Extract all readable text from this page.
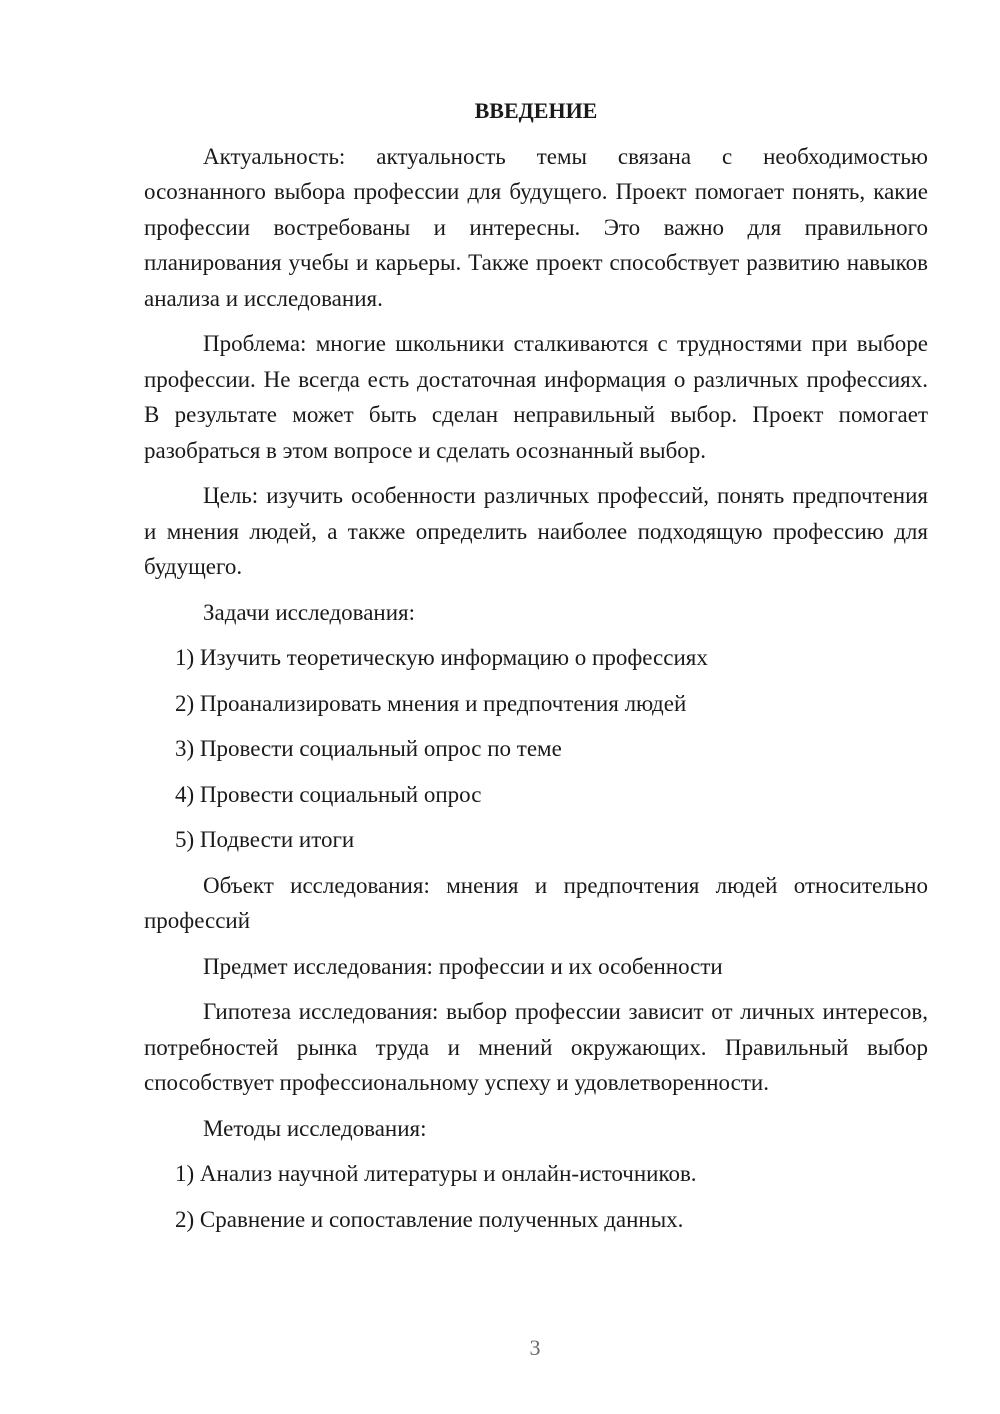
ВВЕДЕНИЕ

Актуальность: актуальность темы связана с необходимостью осознанного выбора профессии для будущего. Проект помогает понять, какие профессии востребованы и интересны. Это важно для правильного планирования учебы и карьеры. Также проект способствует развитию навыков анализа и исследования.

Проблема: многие школьники сталкиваются с трудностями при выборе профессии. Не всегда есть достаточная информация о различных профессиях. В результате может быть сделан неправильный выбор. Проект помогает разобраться в этом вопросе и сделать осознанный выбор.

Цель: изучить особенности различных профессий, понять предпочтения и мнения людей, а также определить наиболее подходящую профессию для будущего.

Задачи исследования:

1) Изучить теоретическую информацию о профессиях
2) Проанализировать мнения и предпочтения людей
3) Провести социальный опрос по теме
4) Провести социальный опрос
5) Подвести итоги

Объект исследования: мнения и предпочтения людей относительно профессий

Предмет исследования: профессии и их особенности

Гипотеза исследования: выбор профессии зависит от личных интересов, потребностей рынка труда и мнений окружающих. Правильный выбор способствует профессиональному успеху и удовлетворенности.

Методы исследования:

1) Анализ научной литературы и онлайн-источников.
2) Сравнение и сопоставление полученных данных.
3
